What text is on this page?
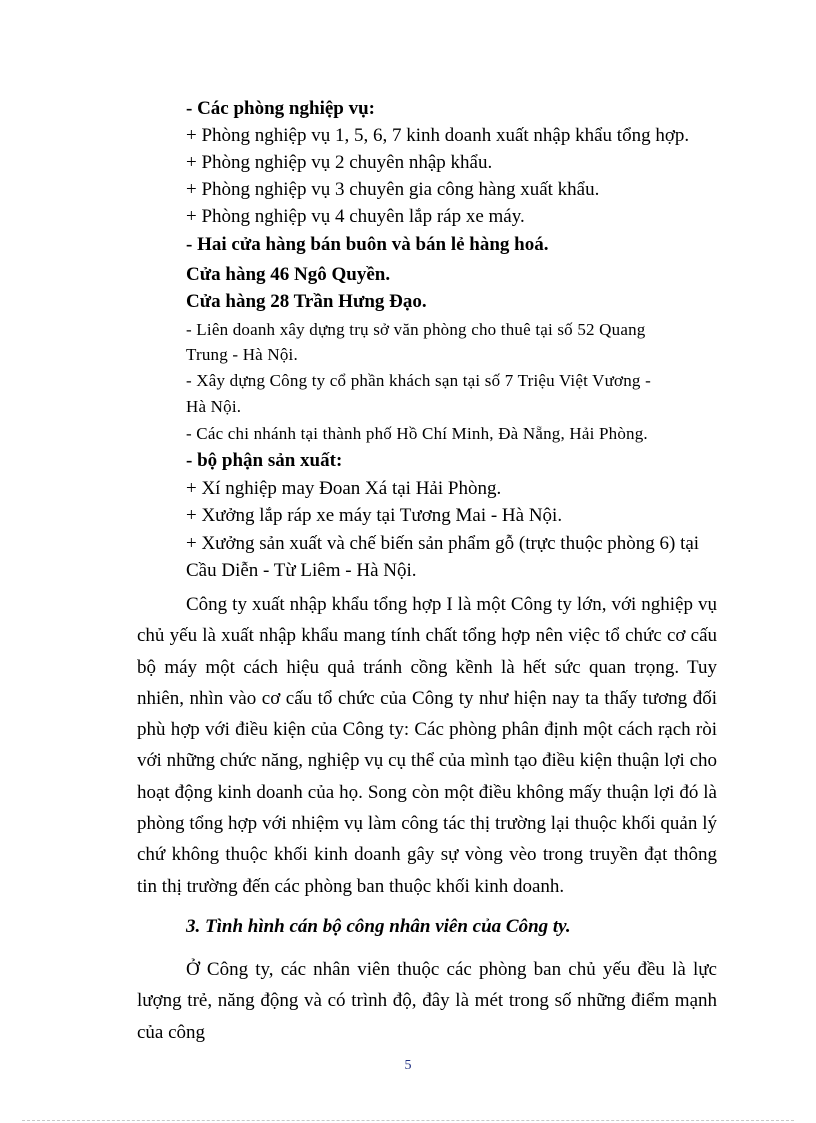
- Các phòng nghiệp vụ:
+ Phòng nghiệp vụ 1, 5, 6, 7 kinh doanh xuất nhập khẩu tổng hợp.
+ Phòng nghiệp vụ 2 chuyên nhập khẩu.
+ Phòng nghiệp vụ 3 chuyên gia công hàng xuất khẩu.
+ Phòng nghiệp vụ 4 chuyên lắp ráp xe máy.
- Hai cửa hàng bán buôn và bán lẻ hàng hoá.
Cửa hàng 46 Ngô Quyền.
Cửa hàng 28 Trần Hưng Đạo.
- Liên doanh xây dựng trụ sở văn phòng cho thuê tại số 52 Quang
Trung - Hà Nội.
- Xây dựng Công ty cổ phần khách sạn tại số 7 Triệu Việt Vương -
Hà Nội.
- Các chi nhánh tại thành phố Hồ Chí Minh, Đà Nẵng, Hải Phòng.
- bộ phận sản xuất:
+ Xí nghiệp may Đoan Xá tại Hải Phòng.
+ Xưởng lắp ráp xe máy tại Tương Mai - Hà Nội.
+ Xưởng sản xuất và chế biến sản phẩm gỗ (trực thuộc phòng 6) tại
Cầu Diễn - Từ Liêm - Hà Nội.
Công ty xuất nhập khẩu tổng hợp I là một Công ty lớn, với nghiệp vụ chủ yếu là xuất nhập khẩu mang tính chất tổng hợp nên việc tổ chức cơ cấu bộ máy một cách hiệu quả tránh cồng kềnh là hết sức quan trọng. Tuy nhiên, nhìn vào cơ cấu tổ chức của Công ty như hiện nay ta thấy tương đối phù hợp với điều kiện của Công ty: Các phòng phân định một cách rạch ròi với những chức năng, nghiệp vụ cụ thể của mình tạo điều kiện thuận lợi cho hoạt động kinh doanh của họ. Song còn một điều không mấy thuận lợi đó là phòng tổng hợp với nhiệm vụ làm công tác thị trường lại thuộc khối quản lý chứ không thuộc khối kinh doanh gây sự vòng vèo trong truyền đạt thông tin thị trường đến các phòng ban thuộc khối kinh doanh.
3. Tình hình cán bộ công nhân viên của Công ty.
Ở Công ty, các nhân viên thuộc các phòng ban chủ yếu đều là lực lượng trẻ, năng động và có trình độ, đây là mét trong số những điểm mạnh của công
5
